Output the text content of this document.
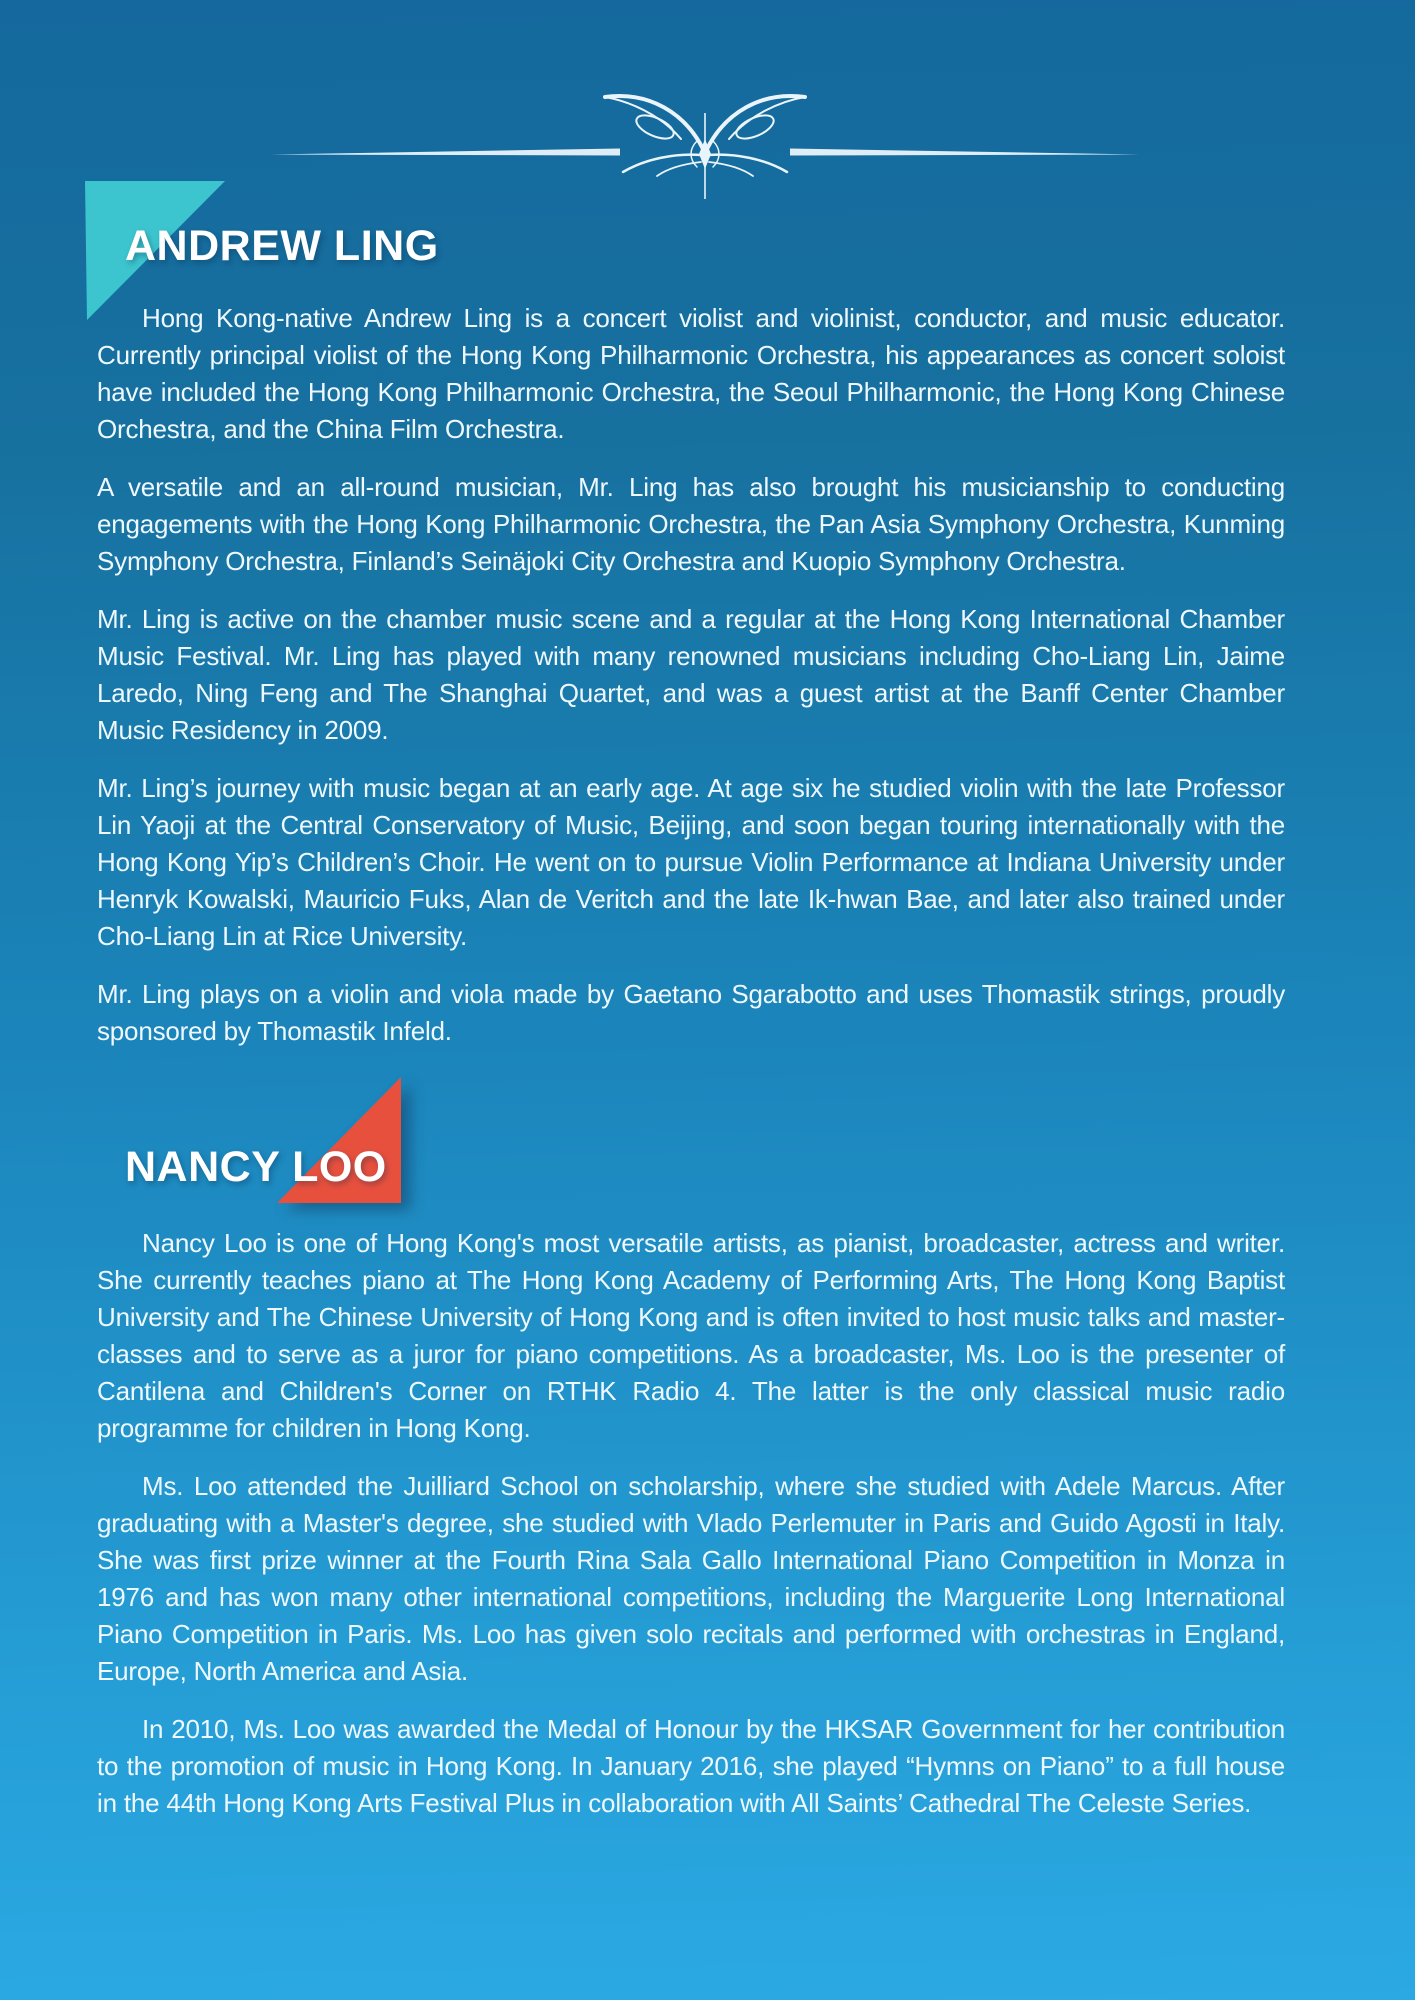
ANDREW LING

Hong Kong-native Andrew Ling is a concert violist and violinist, conductor, and music educator. Currently principal violist of the Hong Kong Philharmonic Orchestra, his appearances as concert soloist have included the Hong Kong Philharmonic Orchestra, the Seoul Philharmonic, the Hong Kong Chinese Orchestra, and the China Film Orchestra.

A versatile and an all-round musician, Mr. Ling has also brought his musicianship to conducting engagements with the Hong Kong Philharmonic Orchestra, the Pan Asia Symphony Orchestra, Kunming Symphony Orchestra, Finland’s Seinäjoki City Orchestra and Kuopio Symphony Orchestra.

Mr. Ling is active on the chamber music scene and a regular at the Hong Kong International Chamber Music Festival. Mr. Ling has played with many renowned musicians including Cho-Liang Lin, Jaime Laredo, Ning Feng and The Shanghai Quartet, and was a guest artist at the Banff Center Chamber Music Residency in 2009.

Mr. Ling’s journey with music began at an early age. At age six he studied violin with the late Professor Lin Yaoji at the Central Conservatory of Music, Beijing, and soon began touring internationally with the Hong Kong Yip’s Children’s Choir. He went on to pursue Violin Performance at Indiana University under Henryk Kowalski, Mauricio Fuks, Alan de Veritch and the late Ik-hwan Bae, and later also trained under Cho-Liang Lin at Rice University.

Mr. Ling plays on a violin and viola made by Gaetano Sgarabotto and uses Thomastik strings, proudly sponsored by Thomastik Infeld.

NANCY LOO

Nancy Loo is one of Hong Kong's most versatile artists, as pianist, broadcaster, actress and writer. She currently teaches piano at The Hong Kong Academy of Performing Arts, The Hong Kong Baptist University and The Chinese University of Hong Kong and is often invited to host music talks and master-classes and to serve as a juror for piano competitions. As a broadcaster, Ms. Loo is the presenter of Cantilena and Children's Corner on RTHK Radio 4. The latter is the only classical music radio programme for children in Hong Kong.

Ms. Loo attended the Juilliard School on scholarship, where she studied with Adele Marcus. After graduating with a Master's degree, she studied with Vlado Perlemuter in Paris and Guido Agosti in Italy. She was first prize winner at the Fourth Rina Sala Gallo International Piano Competition in Monza in 1976 and has won many other international competitions, including the Marguerite Long International Piano Competition in Paris. Ms. Loo has given solo recitals and performed with orchestras in England, Europe, North America and Asia.

In 2010, Ms. Loo was awarded the Medal of Honour by the HKSAR Government for her contribution to the promotion of music in Hong Kong. In January 2016, she played “Hymns on Piano” to a full house in the 44th Hong Kong Arts Festival Plus in collaboration with All Saints’ Cathedral The Celeste Series.
